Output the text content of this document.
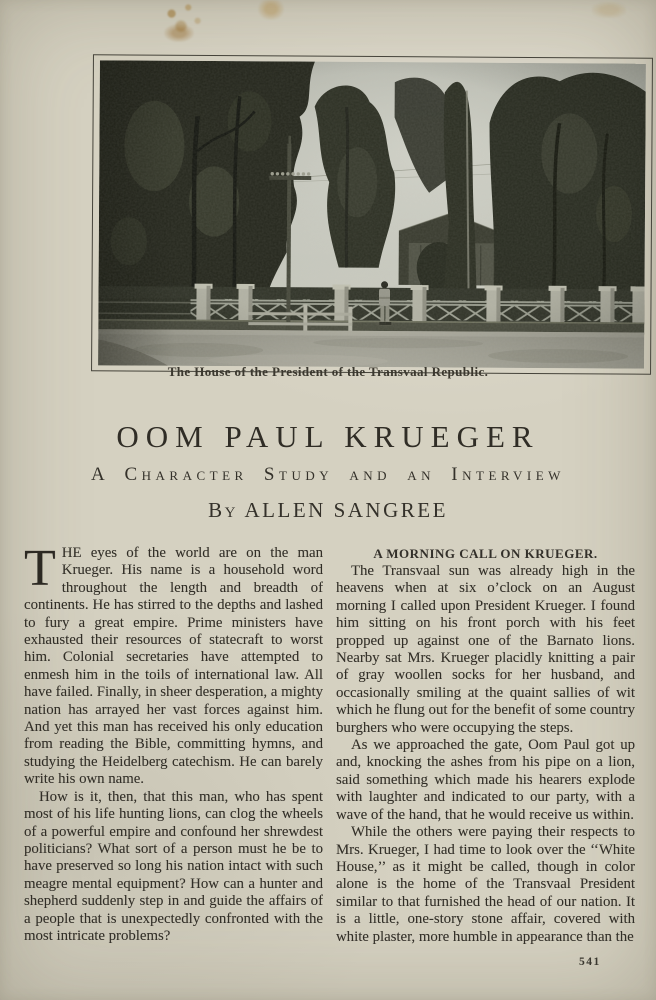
The House of the President of the Transvaal Republic.
OOM PAUL KRUEGER
A Character Study and an Interview
By ALLEN SANGREE

THE eyes of the world are on the man Krueger. His name is a household word throughout the length and breadth of continents. He has stirred to the depths and lashed to fury a great empire. Prime ministers have exhausted their resources of statecraft to worst him. Colonial secretaries have attempted to enmesh him in the toils of international law. All have failed. Finally, in sheer desperation, a mighty nation has arrayed her vast forces against him. And yet this man has received his only education from reading the Bible, committing hymns, and studying the Heidelberg catechism. He can barely write his own name.

How is it, then, that this man, who has spent most of his life hunting lions, can clog the wheels of a powerful empire and confound her shrewdest politicians? What sort of a person must he be to have preserved so long his nation intact with such meagre mental equipment? How can a hunter and shepherd suddenly step in and guide the affairs of a people that is unexpectedly confronted with the most intricate problems?

A MORNING CALL ON KRUEGER.

The Transvaal sun was already high in the heavens when at six o’clock on an August morning I called upon President Krueger. I found him sitting on his front porch with his feet propped up against one of the Barnato lions. Nearby sat Mrs. Krueger placidly knitting a pair of gray woollen socks for her husband, and occasionally smiling at the quaint sallies of wit which he flung out for the benefit of some country burghers who were occupying the steps.

As we approached the gate, Oom Paul got up and, knocking the ashes from his pipe on a lion, said something which made his hearers explode with laughter and indicated to our party, with a wave of the hand, that he would receive us within.

While the others were paying their respects to Mrs. Krueger, I had time to look over the ‘‘White House,’’ as it might be called, though in color alone is the home of the Transvaal President similar to that furnished the head of our nation. It is a little, one-story stone affair, covered with white plaster, more humble in appearance than the

541
